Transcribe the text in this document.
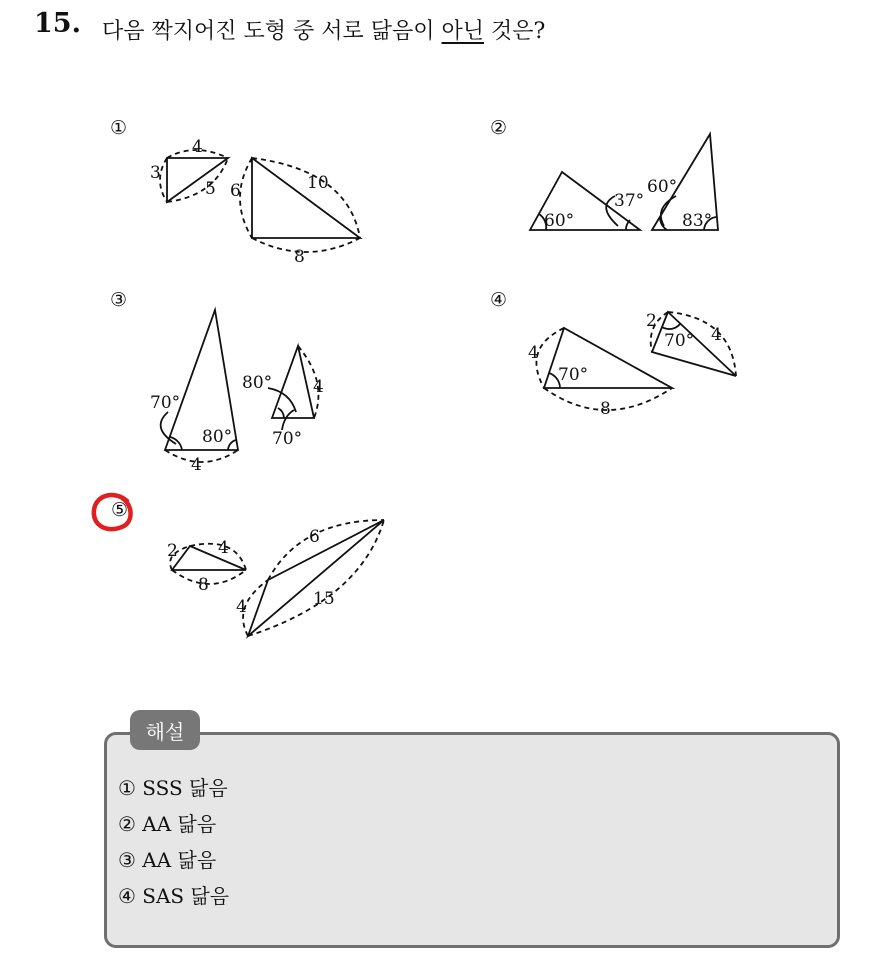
15. 다음 짝지어진 도형 중 서로 닮음이 아닌 것은?
①
4
3
5 6	10
8
②
60°
37°
60°
83°
③
70°
80°
4
80° 4
70°
④
4
70°
8
2
70° 4
⑤
2 4
8
6
4	15
해설
① SSS 닮음
② AA 닮음
③ AA 닮음
④ SAS 닮음
